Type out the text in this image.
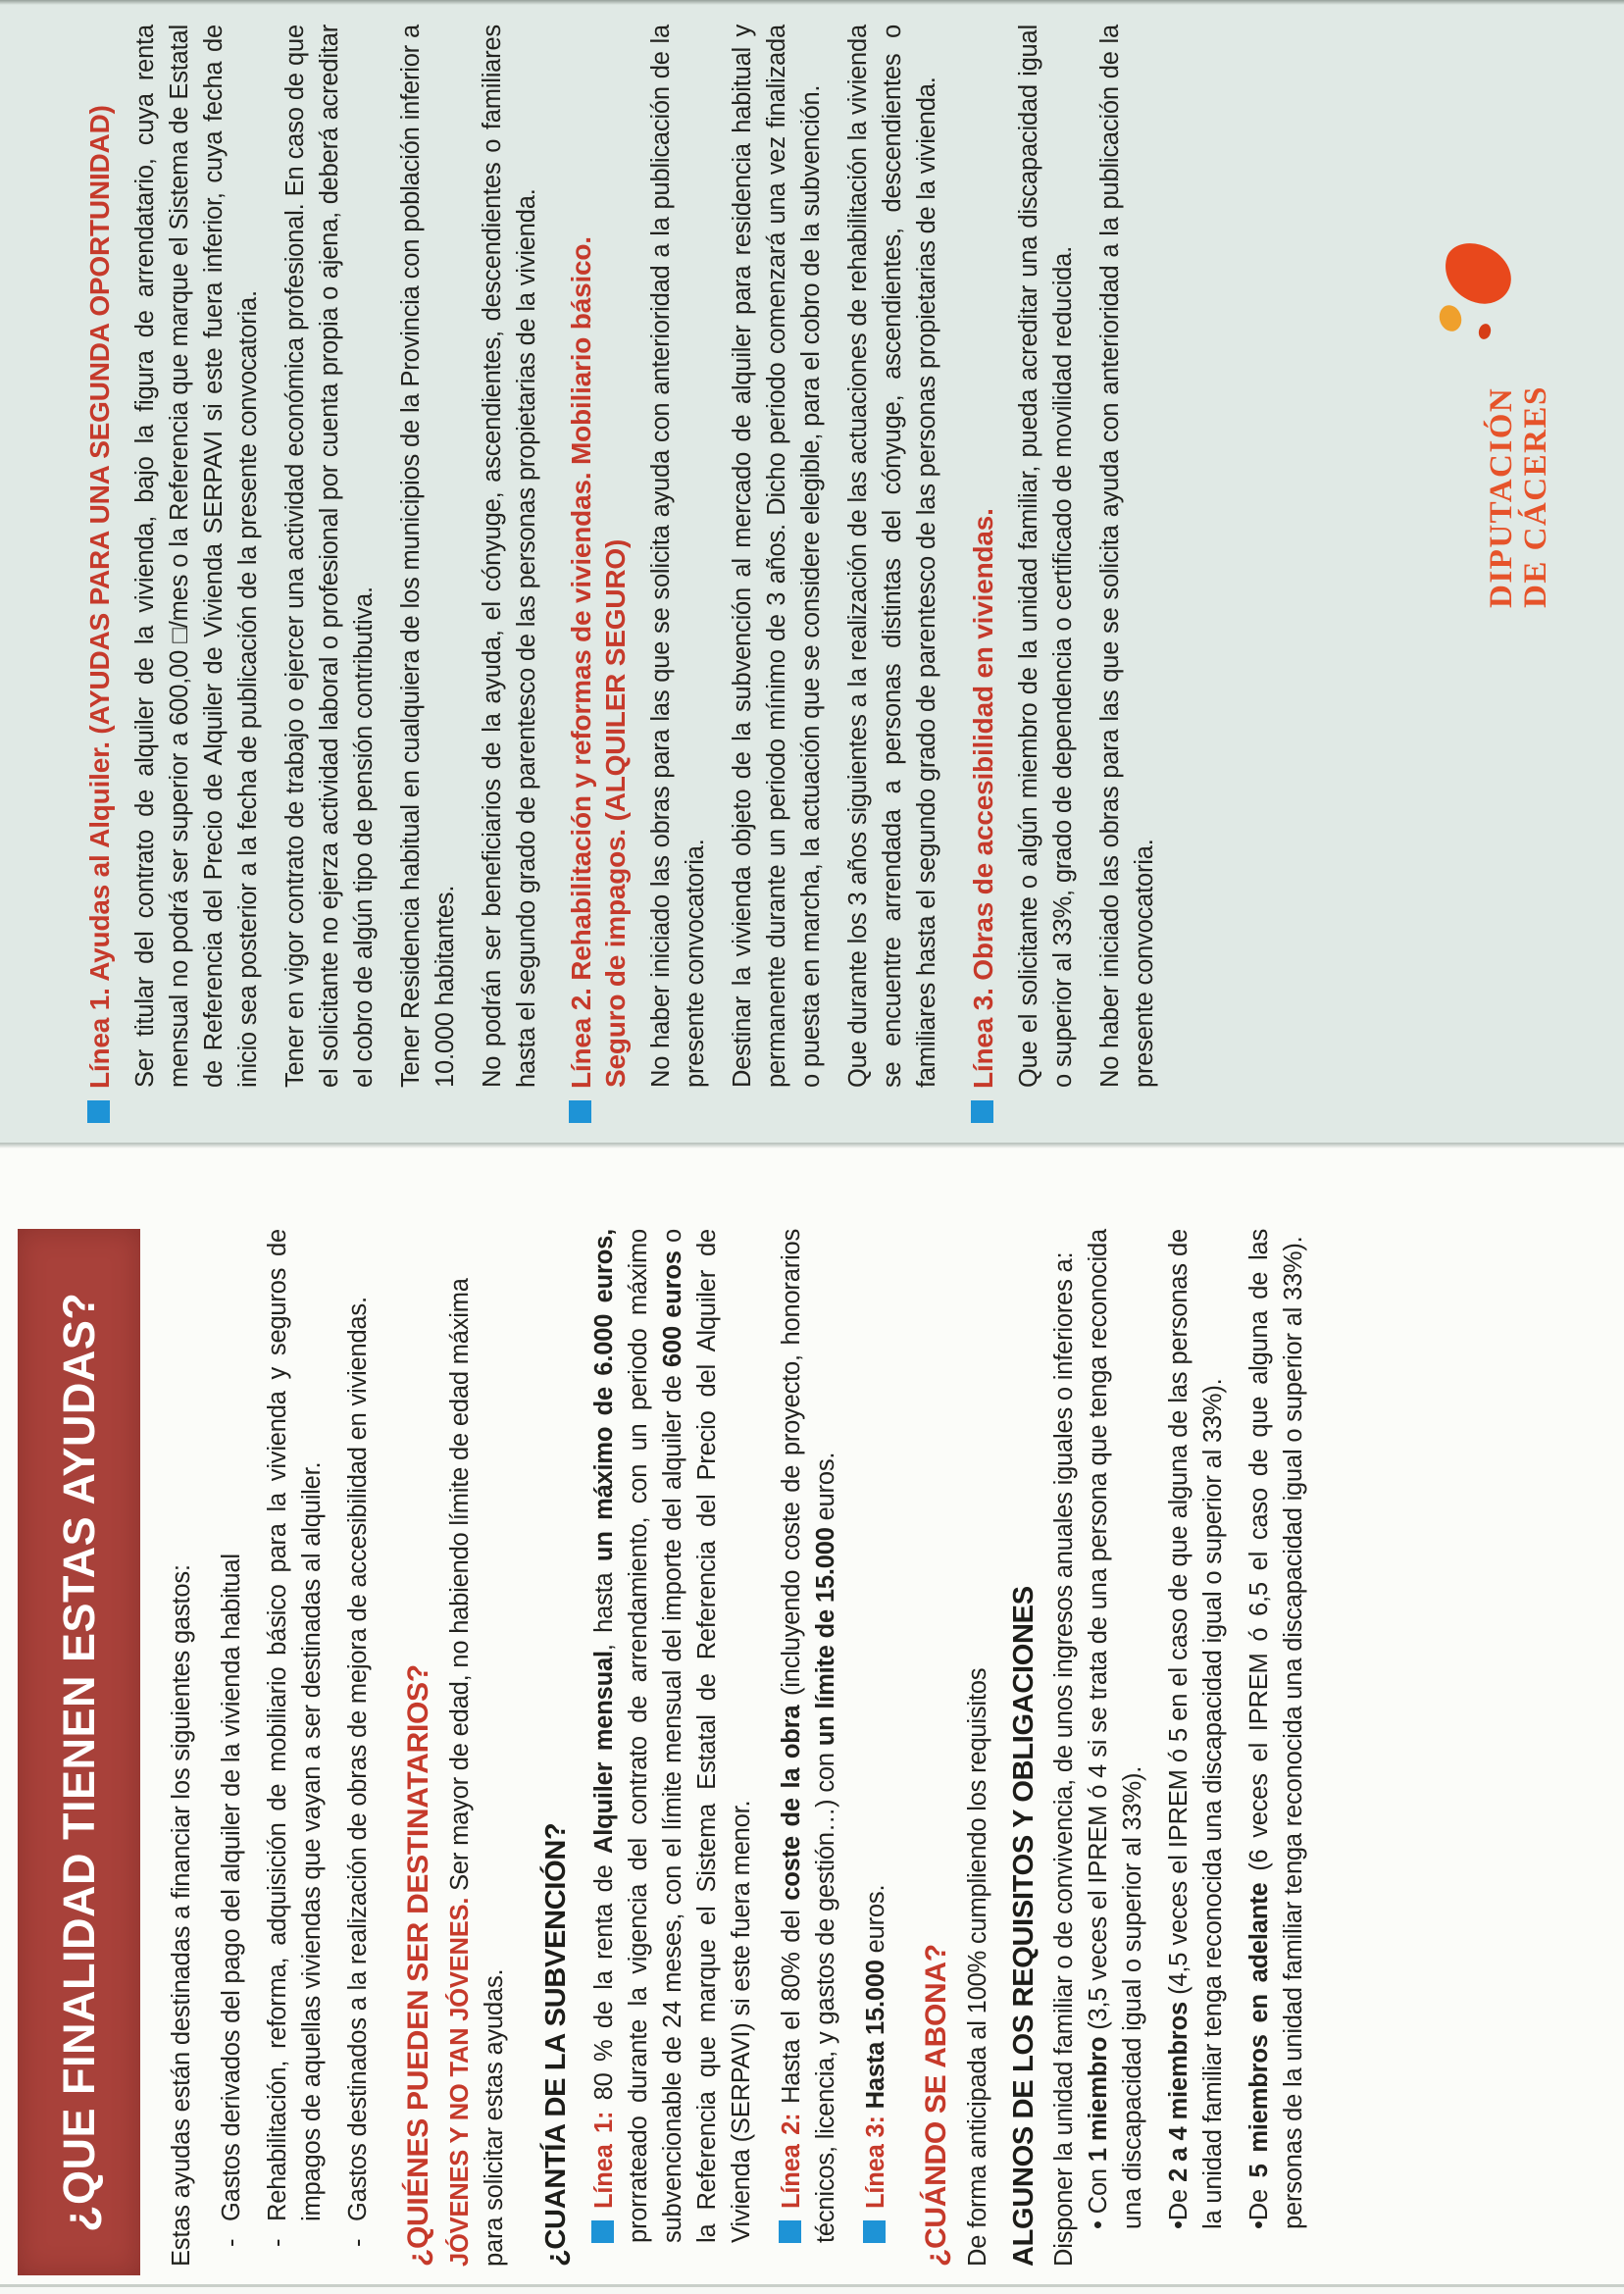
¿QUE FINALIDAD TIENEN ESTAS AYUDAS?	Estas ayudas están destinadas a financiar los siguientes gastos: -
Gastos derivados del pago del alquiler de la vivienda habitual
-
Rehabilitación, reforma, adquisición de mobiliario básico para la vivienda y seguros de impagos de aquellas viviendas que vayan a ser destinadas al alquiler.
-
Gastos destinados a la realización de obras de mejora de accesibilidad en viviendas. ¿QUIÉNES PUEDEN SER DESTINATARIOS? JÓVENES Y NO TAN JÓVENES. Ser mayor de edad, no habiendo límite de edad máxima para solicitar estas ayudas. ¿CUANTÍA DE LA SUBVENCIÓN? Línea 1: 80 % de la renta de Alquiler mensual, hasta un máximo de 6.000 euros, prorrateado durante la vigencia del contrato de arrendamiento, con un periodo máximo subvencionable de 24 meses, con el límite mensual del importe del alquiler de 600 euros o la Referencia que marque el Sistema Estatal de Referencia del Precio del Alquiler de Vivienda (SERPAVI) si este fuera menor. Línea 2: Hasta el 80% del coste de la obra (incluyendo coste de proyecto, honorarios técnicos, licencia, y gastos de gestión…) con un límite de 15.000 euros.

Línea 3: Hasta 15.000 euros.

¿CUÁNDO SE ABONA? De forma anticipada al 100% cumpliendo los requisitos ALGUNOS DE LOS REQUISITOS Y OBLIGACIONES Disponer la unidad familiar o de convivencia, de unos ingresos anuales iguales o inferiores a: • Con 1 miembro (3,5 veces el IPREM ó 4 si se trata de una persona que tenga reconocida una discapacidad igual o superior al 33%). •De 2 a 4 miembros (4,5 veces el IPREM ó 5 en el caso de que alguna de las personas de la unidad familiar tenga reconocida una discapacidad igual o superior al 33%). •De 5 miembros en adelante (6 veces el IPREM ó 6,5 el caso de que alguna de las personas de la unidad familiar tenga reconocida una discapacidad igual o superior al 33%).

Línea 1. Ayudas al Alquiler. (AYUDAS PARA UNA SEGUNDA OPORTUNIDAD) Ser titular del contrato de alquiler de la vivienda, bajo la figura de arrendatario, cuya renta mensual no podrá ser superior a 600,00 □/mes o la Referencia que marque el Sistema de Estatal de Referencia del Precio de Alquiler de Vivienda SERPAVI si este fuera inferior, cuya fecha de inicio sea posterior a la fecha de publicación de la presente convocatoria. Tener en vigor contrato de trabajo o ejercer una actividad económica profesional. En caso de que el solicitante no ejerza actividad laboral o profesional por cuenta propia o ajena, deberá acreditar el cobro de algún tipo de pensión contributiva. Tener Residencia habitual en cualquiera de los municipios de la Provincia con población inferior a 10.000 habitantes. No podrán ser beneficiarios de la ayuda, el cónyuge, ascendientes, descendientes o familiares hasta el segundo grado de parentesco de las personas propietarias de la vivienda. Línea 2. Rehabilitación y reformas de viviendas. Mobiliario básico. Seguro de impagos. (ALQUILER SEGURO) No haber iniciado las obras para las que se solicita ayuda con anterioridad a la publicación de la presente convocatoria. Destinar la vivienda objeto de la subvención al mercado de alquiler para residencia habitual y permanente durante un periodo mínimo de 3 años. Dicho periodo comenzará una vez finalizada o puesta en marcha, la actuación que se considere elegible, para el cobro de la subvención. Que durante los 3 años siguientes a la realización de las actuaciones de rehabilitación la vivienda se encuentre arrendada a personas distintas del cónyuge, ascendientes, descendientes o familiares hasta el segundo grado de parentesco de las personas propietarias de la vivienda. Línea 3. Obras de accesibilidad en viviendas. Que el solicitante o algún miembro de la unidad familiar, pueda acreditar una discapacidad igual o superior al 33%, grado de dependencia o certificado de movilidad reducida. No haber iniciado las obras para las que se solicita ayuda con anterioridad a la publicación de la presente convocatoria.

DIPUTACIÓN DE CÁCERES
